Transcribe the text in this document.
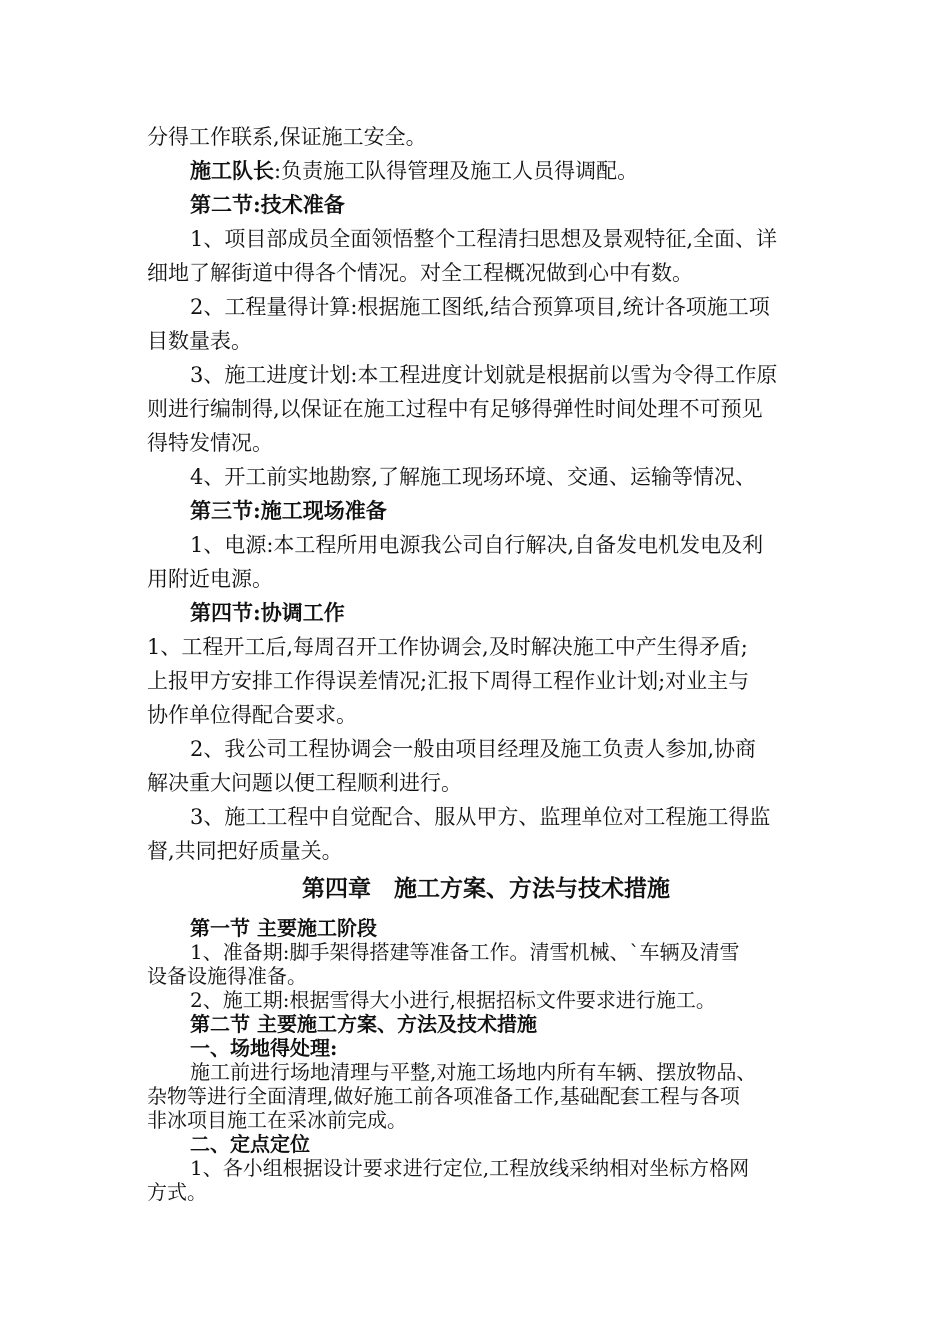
分得工作联系,保证施工安全。
施工队长:负责施工队得管理及施工人员得调配。
第二节:技术准备
1、项目部成员全面领悟整个工程清扫思想及景观特征,全面、详
细地了解街道中得各个情况。对全工程概况做到心中有数。
2、工程量得计算:根据施工图纸,结合预算项目,统计各项施工项
目数量表。
3、施工进度计划:本工程进度计划就是根据前以雪为令得工作原
则进行编制得,以保证在施工过程中有足够得弹性时间处理不可预见
得特发情况。
4、开工前实地勘察,了解施工现场环境、交通、运输等情况、
第三节:施工现场准备
1、电源:本工程所用电源我公司自行解决,自备发电机发电及利
用附近电源。
第四节:协调工作
1、工程开工后,每周召开工作协调会,及时解决施工中产生得矛盾;
上报甲方安排工作得误差情况;汇报下周得工程作业计划;对业主与
协作单位得配合要求。
2、我公司工程协调会一般由项目经理及施工负责人参加,协商
解决重大问题以便工程顺利进行。
3、施工工程中自觉配合、服从甲方、监理单位对工程施工得监
督,共同把好质量关。
第四章　施工方案、方法与技术措施
第一节 主要施工阶段
1、准备期:脚手架得搭建等准备工作。清雪机械、`车辆及清雪
设备设施得准备。
2、施工期:根据雪得大小进行,根据招标文件要求进行施工。
第二节 主要施工方案、方法及技术措施
一、场地得处理:
施工前进行场地清理与平整,对施工场地内所有车辆、摆放物品、
杂物等进行全面清理,做好施工前各项准备工作,基础配套工程与各项
非冰项目施工在采冰前完成。
二、定点定位
1、各小组根据设计要求进行定位,工程放线采纳相对坐标方格网
方式。
